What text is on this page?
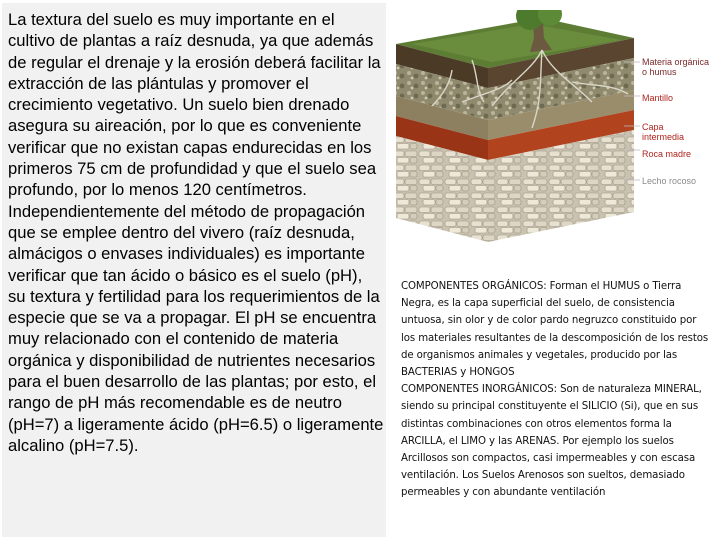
La textura del suelo es muy importante en el cultivo de plantas a raíz desnuda, ya que además de regular el drenaje y la erosión deberá facilitar la extracción de las plántulas y promover el crecimiento vegetativo. Un suelo bien drenado asegura su aireación, por lo que es conveniente verificar que no existan capas endurecidas en los primeros 75 cm de profundidad y que el suelo sea profundo, por lo menos 120 centímetros. Independientemente del método de propagación que se emplee dentro del vivero (raíz desnuda, almácigos o envases individuales) es importante verificar que tan ácido o básico es el suelo (pH), su textura y fertilidad para los requerimientos de la especie que se va a propagar. El pH se encuentra muy relacionado con el contenido de materia orgánica y disponibilidad de nutrientes necesarios para el buen desarrollo de las plantas; por esto, el rango de pH más recomendable es de neutro (pH=7) a ligeramente ácido (pH=6.5) o ligeramente alcalino (pH=7.5).

Materia orgánica
o humus
Mantillo
Capa
intermedia
Roca madre
Lecho rocoso
COMPONENTES ORGÁNICOS: Forman el HUMUS o Tierra Negra, es la capa superficial del suelo, de consistencia untuosa, sin olor y de color pardo negruzco constituido por los materiales resultantes de la descomposición de los restos de organismos animales y vegetales, producido por las BACTERIAS y HONGOS
COMPONENTES INORGÁNICOS: Son de naturaleza MINERAL, siendo su principal constituyente el SILICIO (Si), que en sus distintas combinaciones con otros elementos forma la ARCILLA, el LIMO y las ARENAS. Por ejemplo los suelos Arcillosos son compactos, casi impermeables y con escasa ventilación. Los Suelos Arenosos son sueltos, demasiado permeables y con abundante ventilación
